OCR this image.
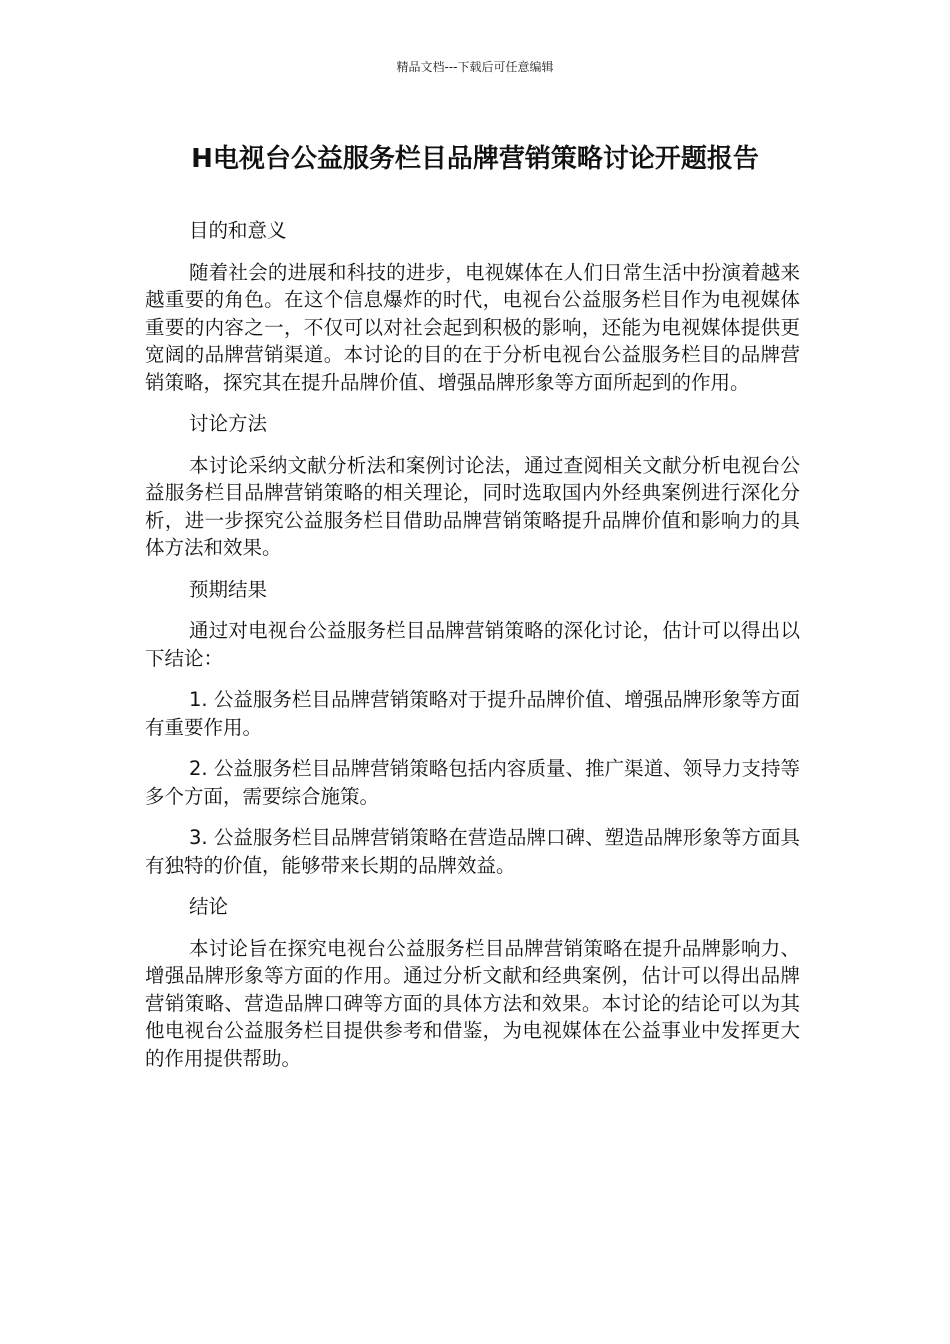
精品文档---下载后可任意编辑
H电视台公益服务栏目品牌营销策略讨论开题报告
目的和意义

随着社会的进展和科技的进步，电视媒体在人们日常生活中扮演着越来越重要的角色。在这个信息爆炸的时代，电视台公益服务栏目作为电视媒体重要的内容之一，不仅可以对社会起到积极的影响，还能为电视媒体提供更宽阔的品牌营销渠道。本讨论的目的在于分析电视台公益服务栏目的品牌营销策略，探究其在提升品牌价值、增强品牌形象等方面所起到的作用。

讨论方法

本讨论采纳文献分析法和案例讨论法，通过查阅相关文献分析电视台公益服务栏目品牌营销策略的相关理论，同时选取国内外经典案例进行深化分析，进一步探究公益服务栏目借助品牌营销策略提升品牌价值和影响力的具体方法和效果。

预期结果

通过对电视台公益服务栏目品牌营销策略的深化讨论，估计可以得出以下结论：

1. 公益服务栏目品牌营销策略对于提升品牌价值、增强品牌形象等方面有重要作用。

2. 公益服务栏目品牌营销策略包括内容质量、推广渠道、领导力支持等多个方面，需要综合施策。

3. 公益服务栏目品牌营销策略在营造品牌口碑、塑造品牌形象等方面具有独特的价值，能够带来长期的品牌效益。

结论

本讨论旨在探究电视台公益服务栏目品牌营销策略在提升品牌影响力、增强品牌形象等方面的作用。通过分析文献和经典案例，估计可以得出品牌营销策略、营造品牌口碑等方面的具体方法和效果。本讨论的结论可以为其他电视台公益服务栏目提供参考和借鉴，为电视媒体在公益事业中发挥更大的作用提供帮助。
